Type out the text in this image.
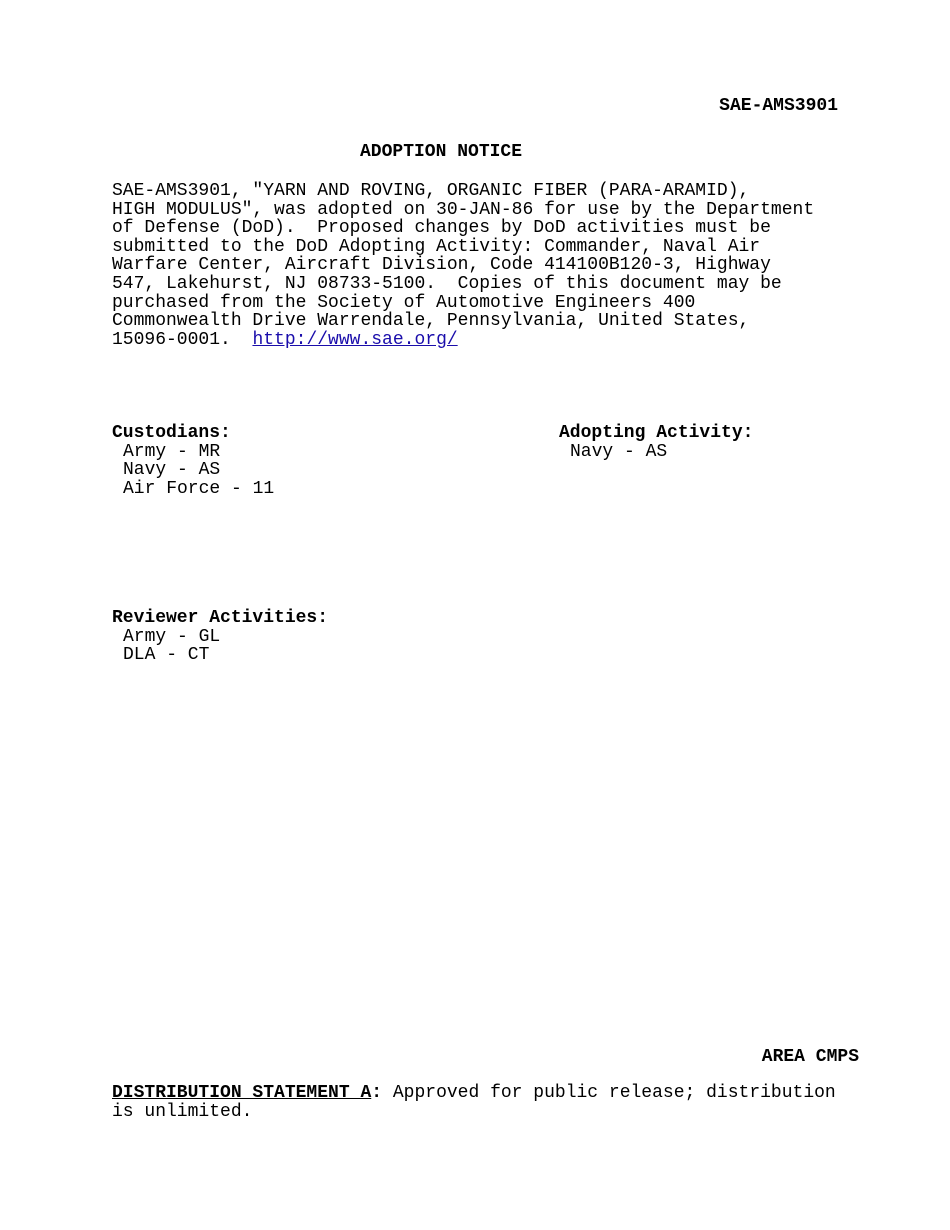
SAE-AMS3901
ADOPTION NOTICE
SAE-AMS3901, "YARN AND ROVING, ORGANIC FIBER (PARA-ARAMID),
HIGH MODULUS", was adopted on 30-JAN-86 for use by the Department
of Defense (DoD).  Proposed changes by DoD activities must be
submitted to the DoD Adopting Activity: Commander, Naval Air
Warfare Center, Aircraft Division, Code 414100B120-3, Highway
547, Lakehurst, NJ 08733-5100.  Copies of this document may be
purchased from the Society of Automotive Engineers 400
Commonwealth Drive Warrendale, Pennsylvania, United States,
15096-0001.  http://www.sae.org/
Custodians:
Army - MR
Navy - AS
Air Force - 11
Adopting Activity:
Navy - AS
Reviewer Activities:
Army - GL
DLA - CT
AREA CMPS
DISTRIBUTION STATEMENT A: Approved for public release; distribution
is unlimited.
